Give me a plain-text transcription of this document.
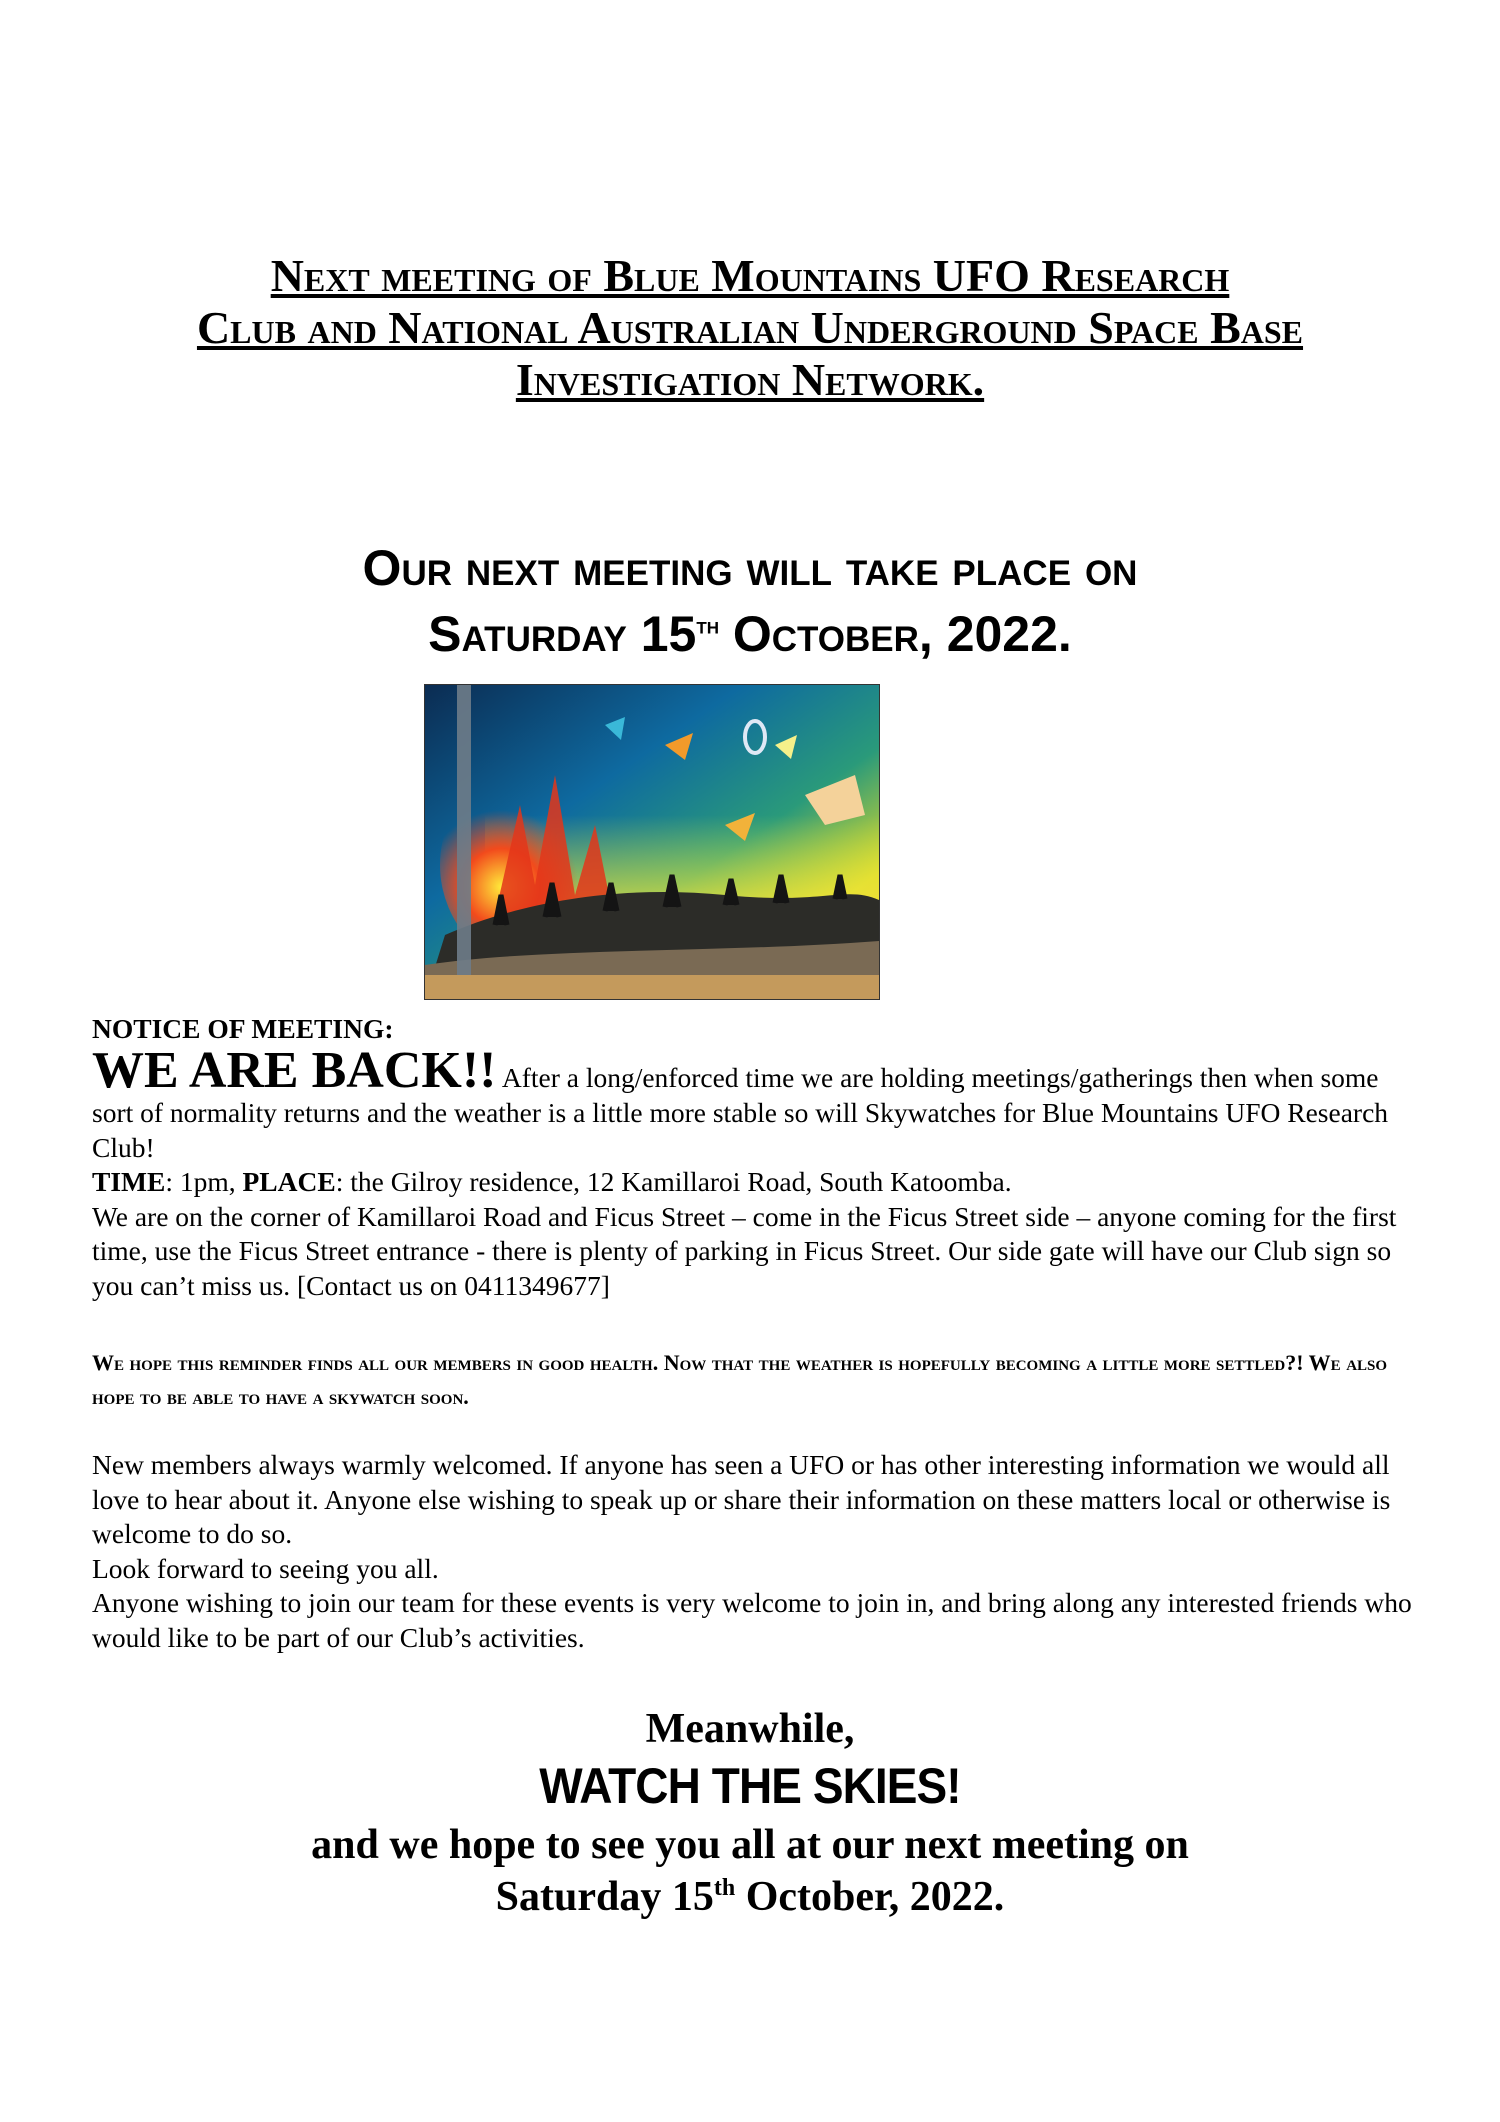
Next meeting of Blue Mountains UFO Research
Club and National Australian Underground Space Base
Investigation Network.
Our next meeting will take place on
Saturday 15th October, 2022.
NOTICE OF MEETING:
WE ARE BACK!! After a long/enforced time we are holding meetings/gatherings then when some sort of normality returns and the weather is a little more stable so will Skywatches for Blue Mountains UFO Research Club!
TIME: 1pm, PLACE: the Gilroy residence, 12 Kamillaroi Road, South Katoomba.
We are on the corner of Kamillaroi Road and Ficus Street – come in the Ficus Street side – anyone coming for the first time, use the Ficus Street entrance - there is plenty of parking in Ficus Street. Our side gate will have our Club sign so you can’t miss us. [Contact us on 0411349677]
We hope this reminder finds all our members in good health. Now that the weather is hopefully becoming a little more settled?! We also hope to be able to have a skywatch soon.
New members always warmly welcomed. If anyone has seen a UFO or has other interesting information we would all love to hear about it. Anyone else wishing to speak up or share their information on these matters local or otherwise is welcome to do so.
Look forward to seeing you all.
Anyone wishing to join our team for these events is very welcome to join in, and bring along any interested friends who would like to be part of our Club’s activities.
Meanwhile,
WATCH THE SKIES!
and we hope to see you all at our next meeting on
Saturday 15th October, 2022.
